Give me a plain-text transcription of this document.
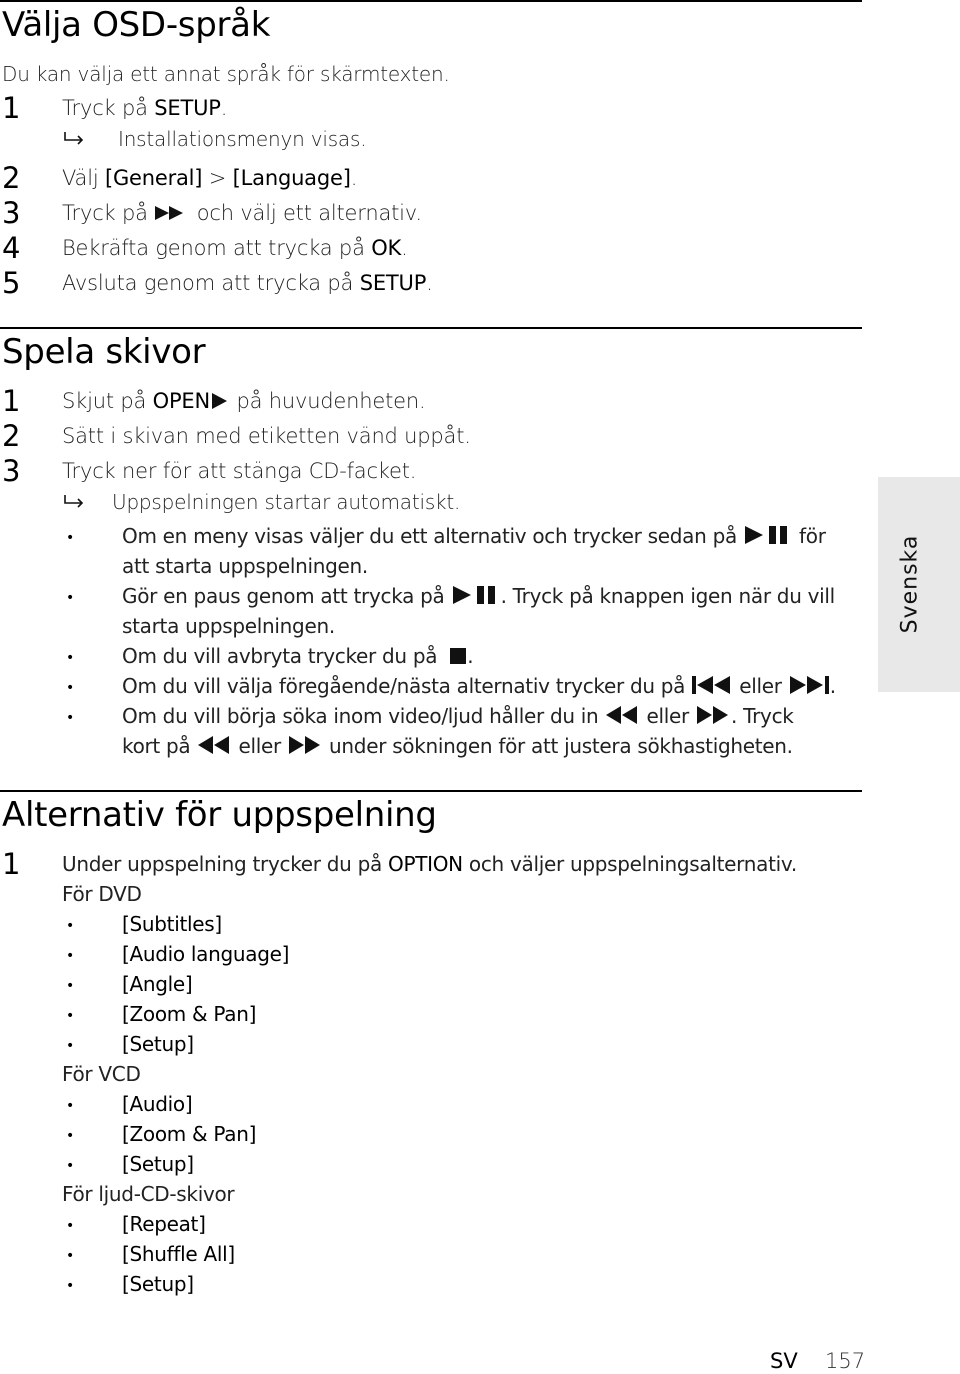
Välja OSD-språk
Du kan välja ett annat språk för skärmtexten.
1 Tryck på SETUP.
Installationsmenyn visas.
2 Välj [General] > [Language].
3 Tryck på  och välj ett alternativ.
4 Bekräfta genom att trycka på OK.
5 Avsluta genom att trycka på SETUP.
Spela skivor
1 Skjut på OPEN på huvudenheten.
2 Sätt i skivan med etiketten vänd uppåt.
3 Tryck ner för att stänga CD-facket.
Uppspelningen startar automatiskt.
• Om en meny visas väljer du ett alternativ och trycker sedan på	för
att starta uppspelningen.
• Gör en paus genom att trycka på	. Tryck på knappen igen när du vill
starta uppspelningen.
• Om du vill avbryta trycker du på .
• Om du vill välja föregående/nästa alternativ trycker du på  eller .
• Om du vill börja söka inom video/ljud håller du in  eller . Tryck
kort på  eller  under sökningen för att justera sökhastigheten.
Alternativ för uppspelning
1 Under uppspelning trycker du på OPTION och väljer uppspelningsalternativ.
För DVD
• [Subtitles]
• [Audio language]
• [Angle]
• [Zoom & Pan]
• [Setup]
För VCD
• [Audio]
• [Zoom & Pan]
• [Setup]
För ljud-CD-skivor
• [Repeat]
• [Shuffle All]
• [Setup]
Svenska
SV 157
